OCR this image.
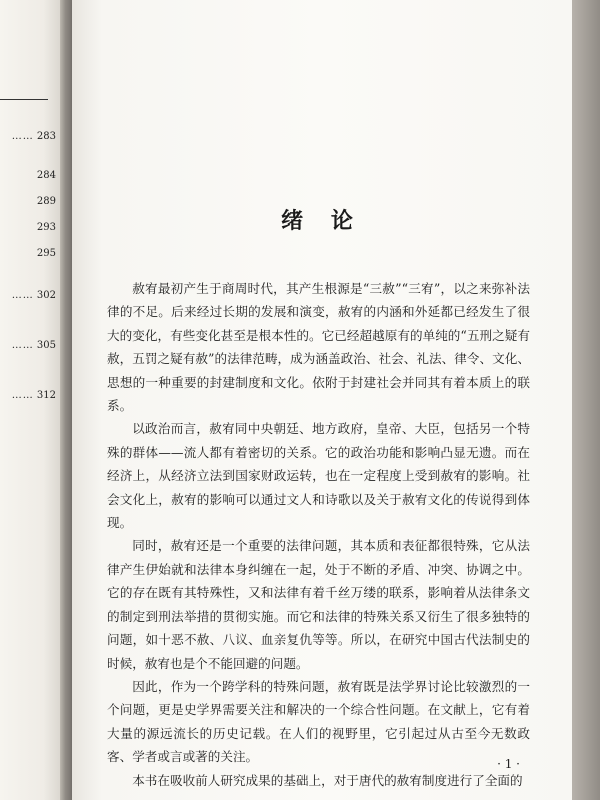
…… 283
284
289
293
295
…… 302
…… 305
…… 312
绪 论

赦宥最初产生于商周时代，其产生根源是“三赦”“三宥”，以之来弥补法律的不足。后来经过长期的发展和演变，赦宥的内涵和外延都已经发生了很大的变化，有些变化甚至是根本性的。它已经超越原有的单纯的“五刑之疑有赦，五罚之疑有赦”的法律范畴，成为涵盖政治、社会、礼法、律令、文化、思想的一种重要的封建制度和文化。依附于封建社会并同其有着本质上的联系。

以政治而言，赦宥同中央朝廷、地方政府，皇帝、大臣，包括另一个特殊的群体——流人都有着密切的关系。它的政治功能和影响凸显无遗。而在经济上，从经济立法到国家财政运转，也在一定程度上受到赦宥的影响。社会文化上，赦宥的影响可以通过文人和诗歌以及关于赦宥文化的传说得到体现。

同时，赦宥还是一个重要的法律问题，其本质和表征都很特殊，它从法律产生伊始就和法律本身纠缠在一起，处于不断的矛盾、冲突、协调之中。它的存在既有其特殊性，又和法律有着千丝万缕的联系，影响着从法律条文的制定到刑法举措的贯彻实施。而它和法律的特殊关系又衍生了很多独特的问题，如十恶不赦、八议、血亲复仇等等。所以，在研究中国古代法制史的时候，赦宥也是个不能回避的问题。

因此，作为一个跨学科的特殊问题，赦宥既是法学界讨论比较激烈的一个问题，更是史学界需要关注和解决的一个综合性问题。在文献上，它有着大量的源远流长的历史记载。在人们的视野里，它引起过从古至今无数政客、学者或言或著的关注。

本书在吸收前人研究成果的基础上，对于唐代的赦宥制度进行了全面的

· 1 ·
